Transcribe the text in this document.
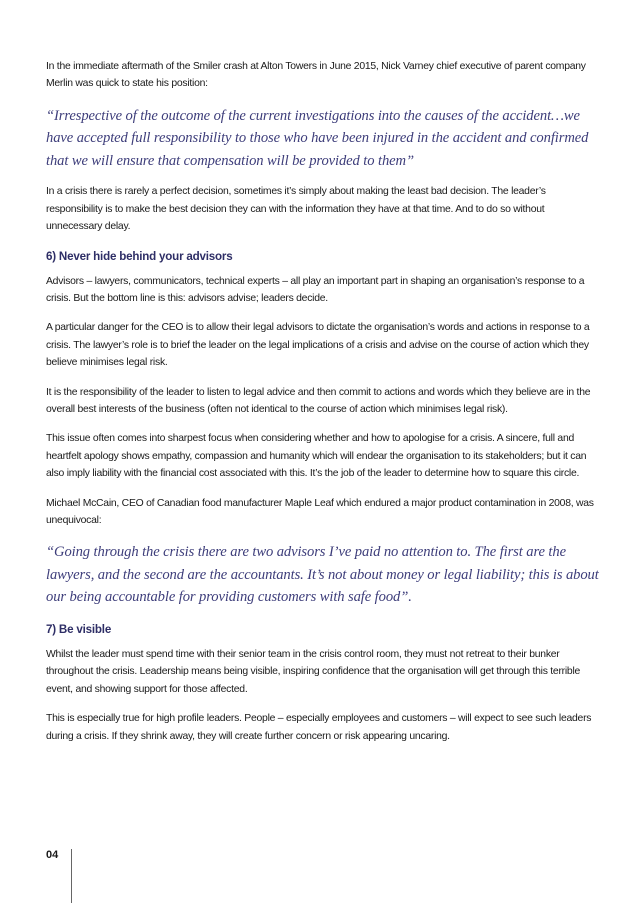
In the immediate aftermath of the Smiler crash at Alton Towers in June 2015, Nick Varney chief executive of parent company Merlin was quick to state his position:

“Irrespective of the outcome of the current investigations into the causes of the accident…we have accepted full responsibility to those who have been injured in the accident and confirmed that we will ensure that compensation will be provided to them”

In a crisis there is rarely a perfect decision, sometimes it’s simply about making the least bad decision. The leader’s responsibility is to make the best decision they can with the information they have at that time. And to do so without unnecessary delay.

6) Never hide behind your advisors

Advisors – lawyers, communicators, technical experts – all play an important part in shaping an organisation’s response to a crisis. But the bottom line is this: advisors advise; leaders decide.

A particular danger for the CEO is to allow their legal advisors to dictate the organisation’s words and actions in response to a crisis. The lawyer’s role is to brief the leader on the legal implications of a crisis and advise on the course of action which they believe minimises legal risk.

It is the responsibility of the leader to listen to legal advice and then commit to actions and words which they believe are in the overall best interests of the business (often not identical to the course of action which minimises legal risk).

This issue often comes into sharpest focus when considering whether and how to apologise for a crisis. A sincere, full and heartfelt apology shows empathy, compassion and humanity which will endear the organisation to its stakeholders; but it can also imply liability with the financial cost associated with this. It’s the job of the leader to determine how to square this circle.

Michael McCain, CEO of Canadian food manufacturer Maple Leaf which endured a major product contamination in 2008, was unequivocal:

“Going through the crisis there are two advisors I’ve paid no attention to. The first are the lawyers, and the second are the accountants. It’s not about money or legal liability; this is about our being accountable for providing customers with safe food”.

7) Be visible

Whilst the leader must spend time with their senior team in the crisis control room, they must not retreat to their bunker throughout the crisis. Leadership means being visible, inspiring confidence that the organisation will get through this terrible event, and showing support for those affected.

This is especially true for high profile leaders. People – especially employees and customers – will expect to see such leaders during a crisis. If they shrink away, they will create further concern or risk appearing uncaring.

04
